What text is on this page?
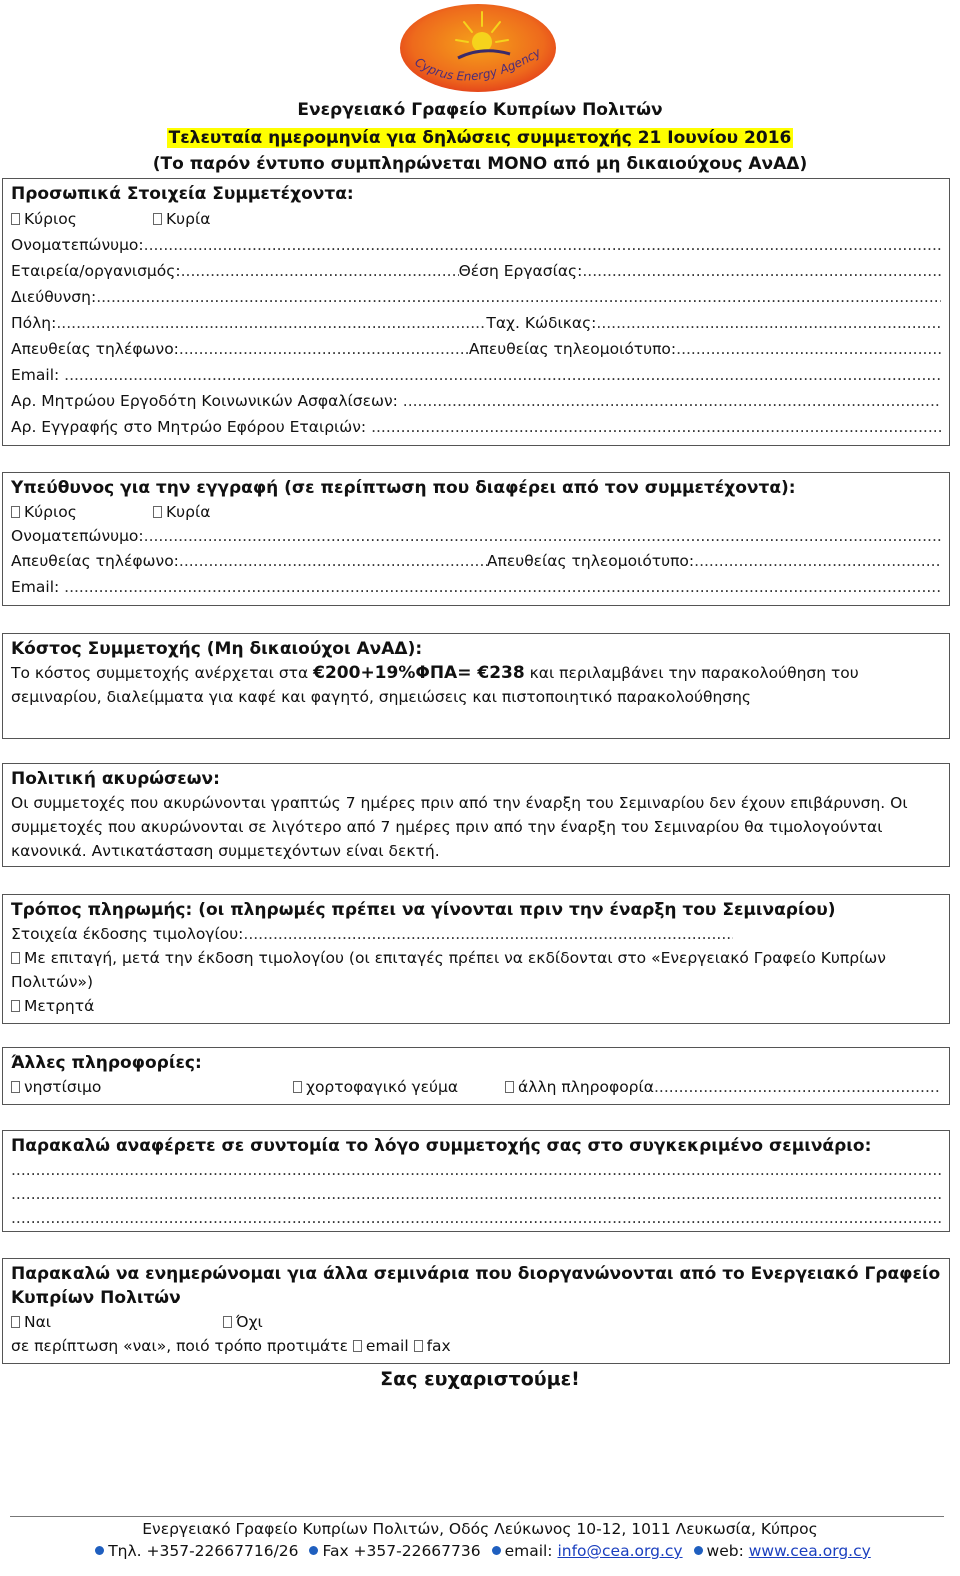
Cyprus Energy Agency
Ενεργειακό Γραφείο Κυπρίων Πολιτών
Τελευταία ημερομηνία για δηλώσεις συμμετοχής 21 Ιουνίου 2016
(Το παρόν έντυπο συμπληρώνεται ΜΟΝΟ από μη δικαιούχους ΑνΑΔ)
Προσωπικά Στοιχεία Συμμετέχοντα:
Κύριος	Κυρία
Ονοματεπώνυμο:
.....
Εταιρεία/οργανισμός: .....	Θέση Εργασίας:
.....
Διεύθυνση:
.....
Πόλη: .....	Ταχ. Κώδικας:
.....
Απευθείας τηλέφωνο: .....	Απευθείας τηλεομοιότυπο:
.....
Email:
.....
Αρ. Μητρώου Εργοδότη Κοινωνικών Ασφαλίσεων:
.....
Αρ. Εγγραφής στο Μητρώο Εφόρου Εταιριών:
.....
Υπεύθυνος για την εγγραφή (σε περίπτωση που διαφέρει από τον συμμετέχοντα):
Κύριος	Κυρία
Ονοματεπώνυμο:
.....
Απευθείας τηλέφωνο: .....	Απευθείας τηλεομοιότυπο:
.....
Email:
.....
Κόστος Συμμετοχής (Μη δικαιούχοι ΑνΑΔ):
Το κόστος συμμετοχής ανέρχεται στα €200+19%ΦΠΑ= €238 και περιλαμβάνει την παρακολούθηση του
σεμιναρίου, διαλείμματα για καφέ και φαγητό, σημειώσεις και πιστοποιητικό παρακολούθησης
Πολιτική ακυρώσεων:
Οι συμμετοχές που ακυρώνονται γραπτώς 7 ημέρες πριν από την έναρξη του Σεμιναρίου δεν έχουν επιβάρυνση. Οι
συμμετοχές που ακυρώνονται σε λιγότερο από 7 ημέρες πριν από την έναρξη του Σεμιναρίου θα τιμολογούνται
κανονικά. Αντικατάσταση συμμετεχόντων είναι δεκτή.
Τρόπος πληρωμής: (οι πληρωμές πρέπει να γίνονται πριν την έναρξη του Σεμιναρίου)
Στοιχεία έκδοσης τιμολογίου:
.....
Με επιταγή, μετά την έκδοση τιμολογίου (οι επιταγές πρέπει να εκδίδονται στο «Ενεργειακό Γραφείο Κυπρίων
Πολιτών»)
Μετρητά
Άλλες πληροφορίες:
νηστίσιμο	χορτοφαγικό γεύμα	άλλη πληροφορία
.....
Παρακαλώ αναφέρετε σε συντομία το λόγο συμμετοχής σας στο συγκεκριμένο σεμινάριο:
.....
.....
.....
Παρακαλώ να ενημερώνομαι για άλλα σεμινάρια που διοργανώνονται από το Ενεργειακό Γραφείο
Κυπρίων Πολιτών
Ναι	Όχι
σε περίπτωση «ναι», ποιό τρόπο προτιμάτε email fax
Σας ευχαριστούμε!
Ενεργειακό Γραφείο Κυπρίων Πολιτών, Οδός Λεύκωνος 10-12, 1011 Λευκωσία, Κύπρος
Τηλ. +357-22667716/26 Fax +357-22667736 email: info@cea.org.cy web: www.cea.org.cy
